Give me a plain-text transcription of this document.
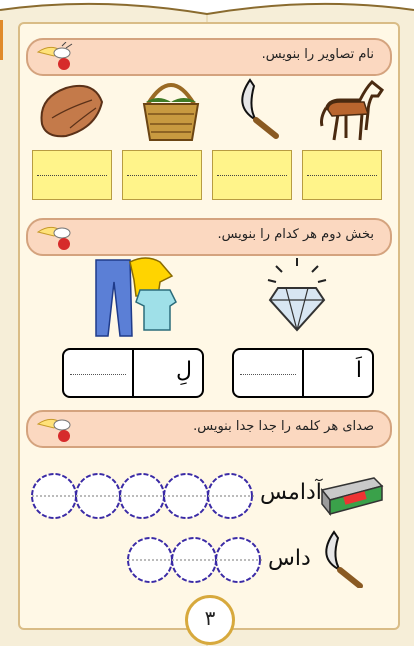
نام تصاویر را بنویس.
بخش دوم هر کدام را بنویس.
لِ	اَ
صدای هر کلمه را جدا جدا بنویس.
آدامس
داس
٣
